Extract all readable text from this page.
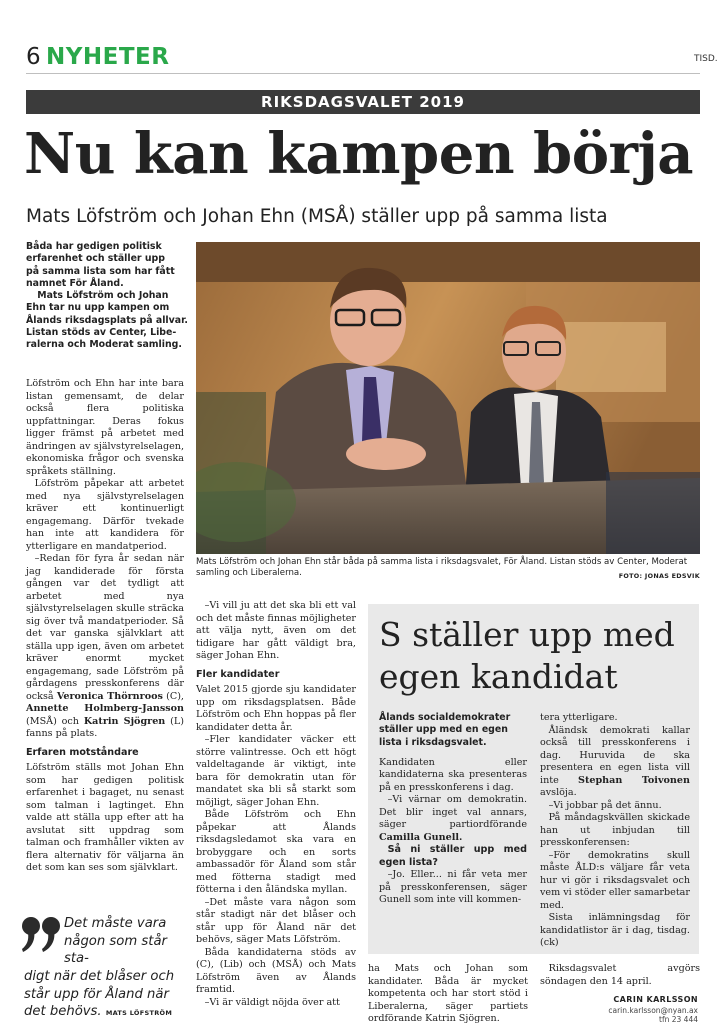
6 NYHETER	TISD.
RIKSDAGSVALET 2019
Nu kan kampen börja
Mats Löfström och Johan Ehn (MSÅ) ställer upp på samma lista

Båda har gedigen politisk

erfarenhet och ställer upp

på samma lista som har fått

namnet För Åland.

Mats Löfström och Johan

Ehn tar nu upp kampen om

Ålands riksdagsplats på allvar.

Listan stöds av Center, Libe-

ralerna och Moderat samling.

Löfström och Ehn har inte bara listan gemensamt, de delar också flera politiska uppfattningar. Deras fokus ligger främst på arbetet med ändringen av självstyrelselagen, ekonomiska frågor och svenska språkets ställning.

Löfström påpekar att arbetet med nya självstyrelselagen kräver ett kontinuerligt engagemang. Därför tvekade han inte att kandidera för ytterligare en mandatperiod.

–Redan för fyra år sedan när jag kandiderade för första gången var det tydligt att arbetet med nya självstyrelselagen skulle sträcka sig över två mandatperioder. Så det var ganska självklart att ställa upp igen, även om arbetet kräver enormt mycket engagemang, sade Löfström på gårdagens presskonferens där också Veronica Thörnroos (C), Annette Holmberg-Jansson (MSÅ) och Katrin Sjögren (L) fanns på plats.

Erfaren motståndare

Löfström ställs mot Johan Ehn som har gedigen politisk erfarenhet i bagaget, nu senast som talman i lagtinget. Ehn valde att ställa upp efter att ha avslutat sitt uppdrag som talman och framhåller vikten av flera alternativ för väljarna än det som kan ses som självklart.

Det måste vara någon som står sta-
digt när det blåser och står upp för Åland när det behövs. MATS LÖFSTRÖM
Mats Löfström och Johan Ehn står båda på samma lista i riksdagsvalet, För Åland. Listan stöds av Center, Moderat samling och Liberalerna.	FOTO: JONAS EDSVIK

–Vi vill ju att det ska bli ett val och det måste finnas möjligheter att välja nytt, även om det tidigare har gått väldigt bra, säger Johan Ehn.

Fler kandidater

Valet 2015 gjorde sju kandidater upp om riksdagsplatsen. Både Löfström och Ehn hoppas på fler kandidater detta år.

–Fler kandidater väcker ett större valintresse. Och ett högt valdeltagande är viktigt, inte bara för demokratin utan för mandatet ska bli så starkt som möjligt, säger Johan Ehn.

Både Löfström och Ehn påpekar att Ålands riksdagsledamot ska vara en brobyggare och en sorts ambassadör för Åland som står med fötterna stadigt med fötterna i den åländska myllan.

–Det måste vara någon som står stadigt när det blåser och står upp för Åland när det behövs, säger Mats Löfström.

Båda kandidaterna stöds av (C), (Lib) och (MSÅ) och Mats Löfström även av Ålands framtid.

–Vi är väldigt nöjda över att

S ställer upp med egen kandidat
Ålands socialdemokrater ställer upp med en egen lista i riksdagsvalet.

Kandidaten eller kandidaterna ska presenteras på en presskonferens i dag.

–Vi värnar om demokratin. Det blir inget val annars, säger partiordförande Camilla Gunell.

Så ni ställer upp med egen lista?

–Jo. Eller... ni får veta mer på presskonferensen, säger Gunell som inte vill kommen-

tera ytterligare.

Åländsk demokrati kallar också till presskonferens i dag. Huruvida de ska presentera en egen lista vill inte Stephan Toivonen avslöja.

–Vi jobbar på det ännu.

På måndagskvällen skickade han ut inbjudan till presskonferensen:

–För demokratins skull måste ÅLD:s väljare får veta hur vi gör i riksdagsvalet och vem vi stöder eller samarbetar med.

Sista inlämningsdag för kandidatlistor är i dag, tisdag. (ck)

ha Mats och Johan som kandidater. Båda är mycket kompetenta och har stort stöd i Liberalerna, säger partiets ordförande Katrin Sjögren.

Riksdagsvalet avgörs söndagen den 14 april.

CARIN KARLSSON
carin.karlsson@nyan.ax
tfn 23 444
